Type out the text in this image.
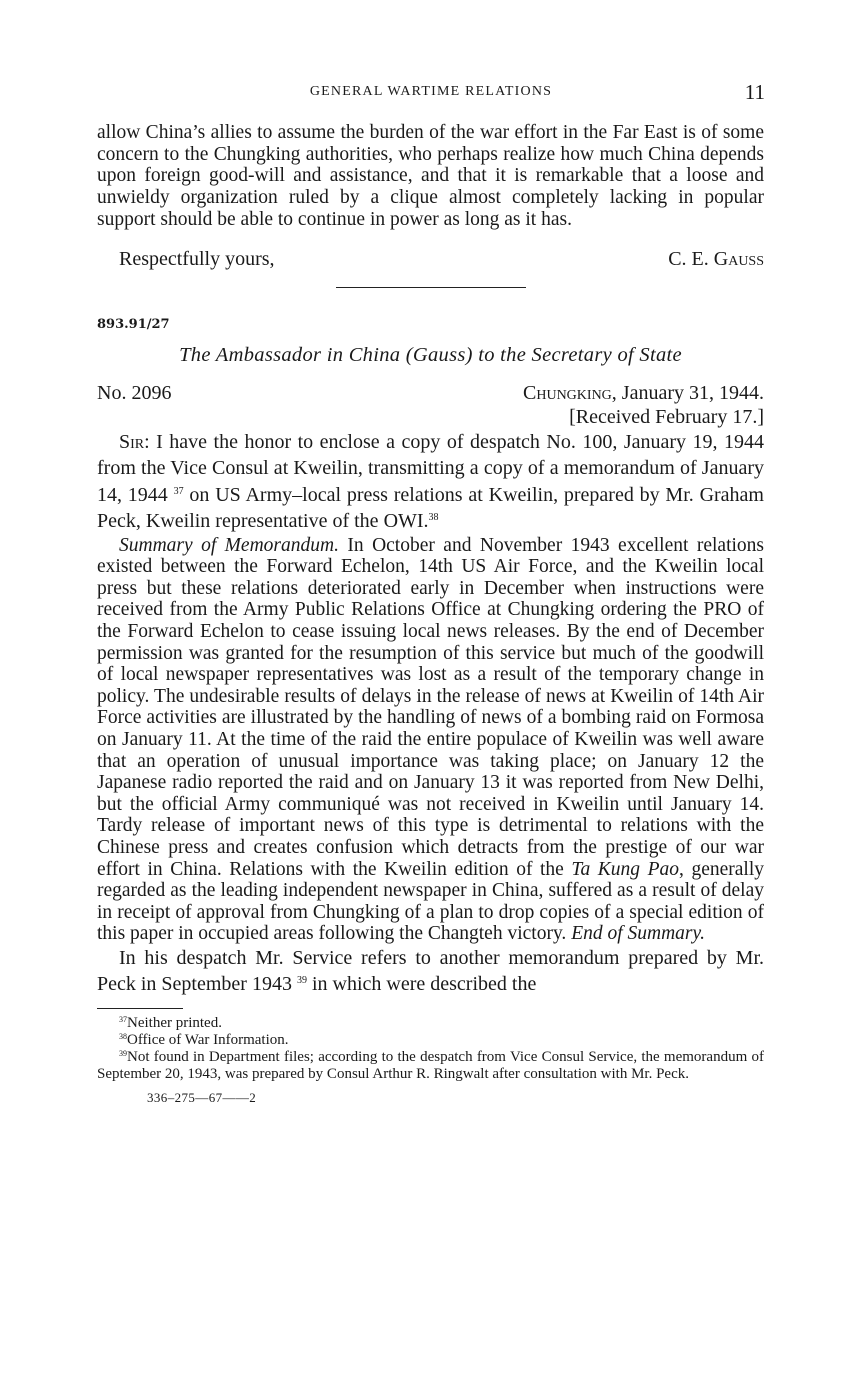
GENERAL WARTIME RELATIONS	11

allow China’s allies to assume the burden of the war effort in the Far East is of some concern to the Chungking authorities, who perhaps realize how much China depends upon foreign good-will and assistance, and that it is remarkable that a loose and unwieldy organization ruled by a clique almost completely lacking in popular support should be able to continue in power as long as it has.

Respectfully yours,	C. E. Gauss
893.91/27
The Ambassador in China (Gauss) to the Secretary of State
No. 2096	Chungking, January 31, 1944.
[Received February 17.]

Sir: I have the honor to enclose a copy of despatch No. 100, January 19, 1944 from the Vice Consul at Kweilin, transmitting a copy of a memorandum of January 14, 1944 $^{37}$ on US Army–local press relations at Kweilin, prepared by Mr. Graham Peck, Kweilin representative of the OWI.$^{38}$

Summary of Memorandum. In October and November 1943 excellent relations existed between the Forward Echelon, 14th US Air Force, and the Kweilin local press but these relations deteriorated early in December when instructions were received from the Army Public Relations Office at Chungking ordering the PRO of the Forward Echelon to cease issuing local news releases. By the end of December permission was granted for the resumption of this service but much of the goodwill of local newspaper representatives was lost as a result of the temporary change in policy. The undesirable results of delays in the release of news at Kweilin of 14th Air Force activities are illustrated by the handling of news of a bombing raid on Formosa on January 11. At the time of the raid the entire populace of Kweilin was well aware that an operation of unusual importance was taking place; on January 12 the Japanese radio reported the raid and on January 13 it was reported from New Delhi, but the official Army communiqué was not received in Kweilin until January 14. Tardy release of important news of this type is detrimental to relations with the Chinese press and creates confusion which detracts from the prestige of our war effort in China. Relations with the Kweilin edition of the Ta Kung Pao, generally regarded as the leading independent newspaper in China, suffered as a result of delay in receipt of approval from Chungking of a plan to drop copies of a special edition of this paper in occupied areas following the Changteh victory. End of Summary.

In his despatch Mr. Service refers to another memorandum prepared by Mr. Peck in September 1943 $^{39}$ in which were described the

$^{37}$Neither printed.

$^{38}$Office of War Information.

$^{39}$Not found in Department files; according to the despatch from Vice Consul Service, the memorandum of September 20, 1943, was prepared by Consul Arthur R. Ringwalt after consultation with Mr. Peck.

336–275—67——2
